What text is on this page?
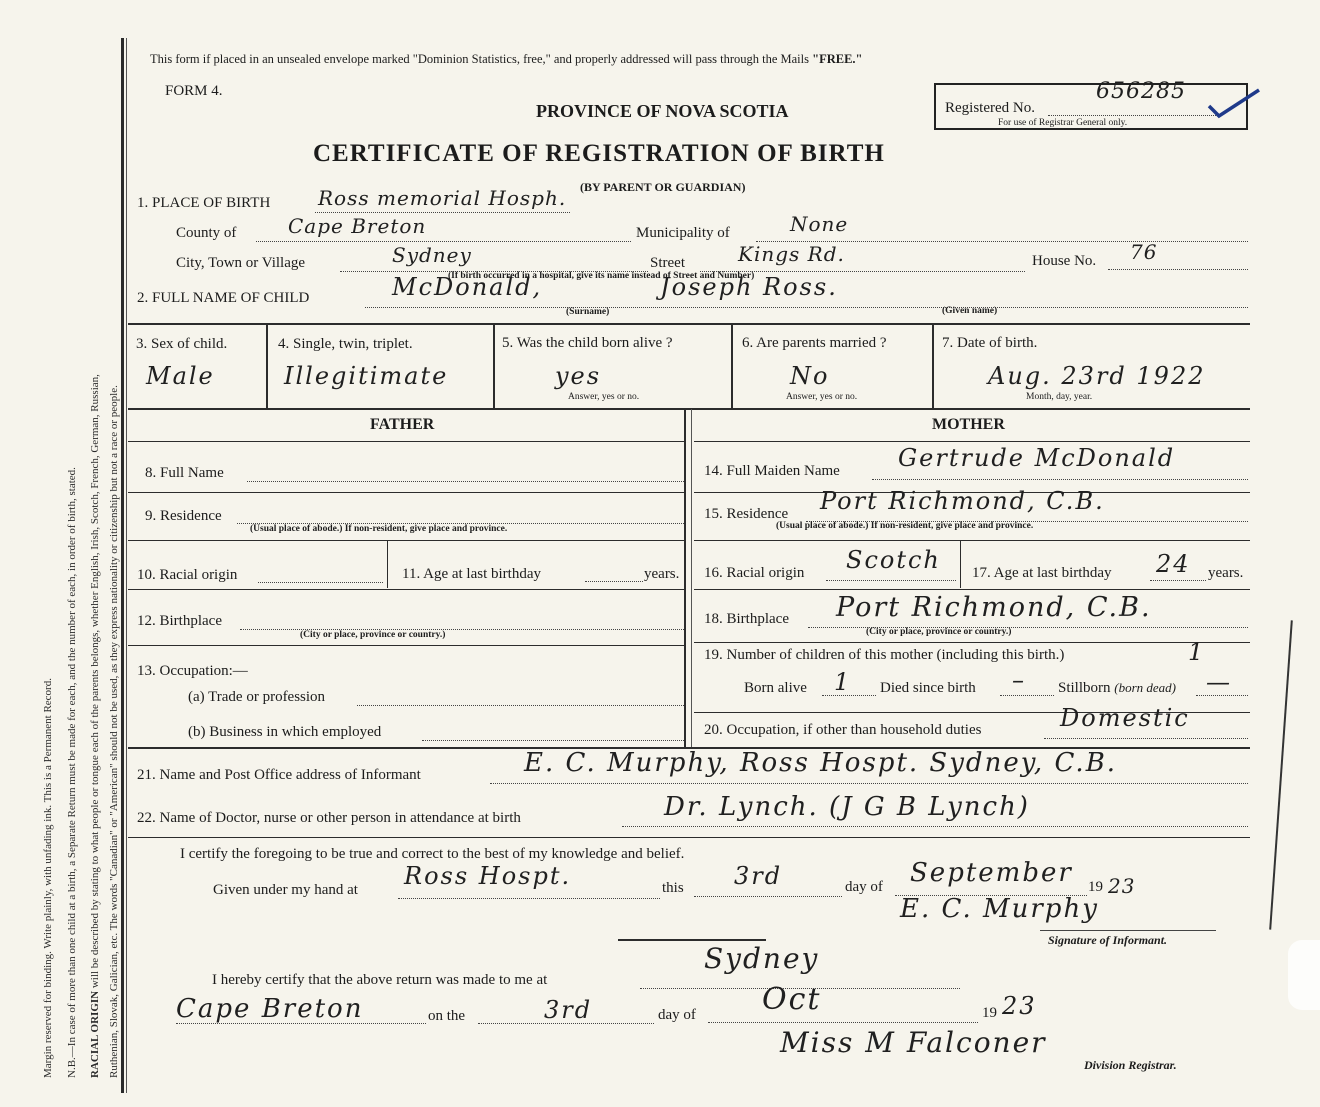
Margin reserved for binding. Write plainly, with unfading ink. This is a Permanent Record. N.B.—In case of more than one child at a birth, a Separate Return must be made for each, and the number of each, in order of birth, stated. RACIAL ORIGIN will be described by stating to what people or tongue each of the parents belongs, whether English, Irish, Scotch, French, German, Russian, Ruthenian, Slovak, Galician, etc. The words "Canadian" or "American" should not be used, as they express nationality or citizenship but not a race or people.
This form if placed in an unsealed envelope marked "Dominion Statistics, free," and properly addressed will pass through the Mails "FREE."
FORM 4.
PROVINCE OF NOVA SCOTIA
CERTIFICATE OF REGISTRATION OF BIRTH
(BY PARENT OR GUARDIAN)
Registered No.
656285
For use of Registrar General only.
1. PLACE OF BIRTH Ross memorial Hosph.
County of	Cape Breton	Municipality of	None
City, Town or Village	Sydney	Street	Kings Rd.	House No. 76
(If birth occurred in a hospital, give its name instead of Street and Number)
2. FULL NAME OF CHILD	McDonald,	Joseph Ross.
(Surname)	(Given name)
3. Sex of child.
Male
4. Single, twin, triplet.
Illegitimate
5. Was the child born alive ?
yes
Answer, yes or no.
6. Are parents married ?
No
Answer, yes or no.
7. Date of birth.
Aug. 23rd 1922
Month, day, year.
FATHER	MOTHER
8. Full Name
9. Residence
(Usual place of abode.) If non-resident, give place and province.
10. Racial origin	11. Age at last birthday	years.
12. Birthplace
(City or place, province or country.)
13. Occupation:—
(a) Trade or profession
(b) Business in which employed
14. Full Maiden Name Gertrude McDonald
15. Residence Port Richmond, C.B.
(Usual place of abode.) If non-resident, give place and province.
16. Racial origin Scotch 17. Age at last birthday 24 years.
18. Birthplace Port Richmond, C.B.
(City or place, province or country.)
19. Number of children of this mother (including this birth.)	1
Born alive 1 Died since birth – Stillborn (born dead) —
20. Occupation, if other than household duties	Domestic
21. Name and Post Office address of Informant	E. C. Murphy, Ross Hospt. Sydney, C.B.
22. Name of Doctor, nurse or other person in attendance at birth	Dr. Lynch. (J G B Lynch)
I certify the foregoing to be true and correct to the best of my knowledge and belief.
Given under my hand at Ross Hospt.	this 3rd	day of September 19 23
E. C. Murphy
Signature of Informant.
I hereby certify that the above return was made to me at
Sydney
Cape Breton	on the	3rd	day of Oct	19 23
Miss M Falconer
Division Registrar.
